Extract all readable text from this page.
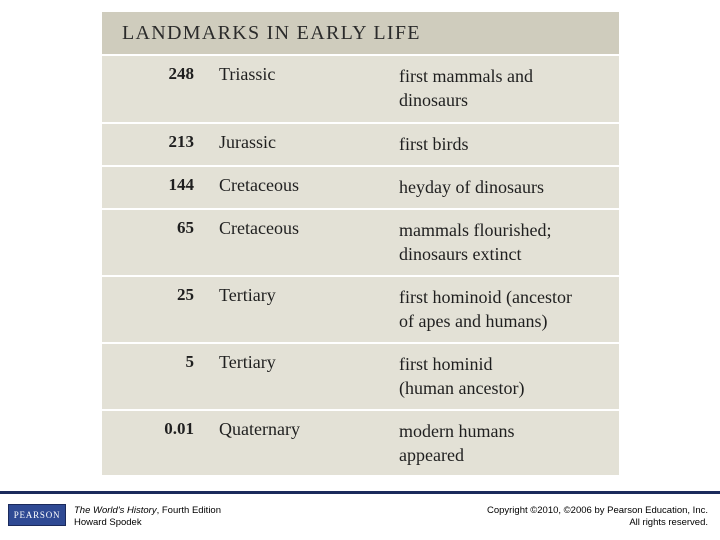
LANDMARKS IN EARLY LIFE
248 Triassic	first mammals and
dinosaurs
213 Jurassic	first birds
144 Cretaceous	heyday of dinosaurs
65 Cretaceous	mammals flourished;
dinosaurs extinct
25 Tertiary	first hominoid (ancestor
of apes and humans)
5 Tertiary	first hominid
(human ancestor)
0.01 Quaternary	modern humans
appeared
PEARSON The World's History, Fourth Edition
Howard Spodek
Copyright ©2010, ©2006 by Pearson Education, Inc.
All rights reserved.
